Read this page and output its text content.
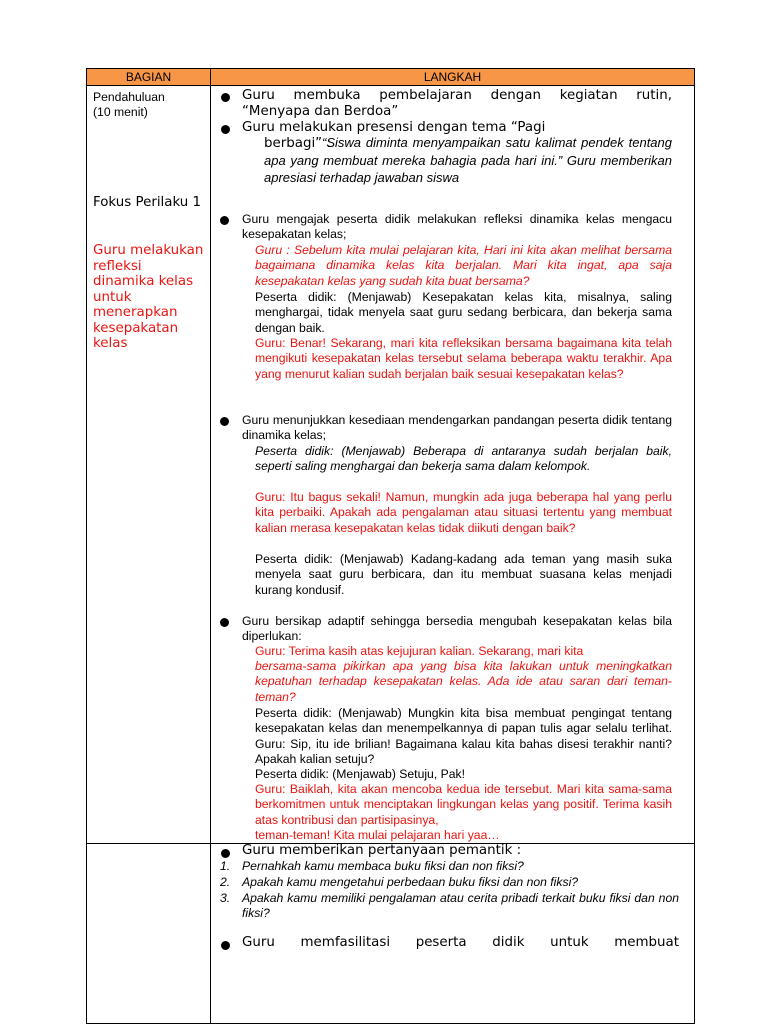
BAGIAN	LANGKAH
Pendahuluan
(10 menit)
Fokus Perilaku 1
Guru melakukan refleksi dinamika kelas untuk menerapkan kesepakatan kelas
Guru membuka pembelajaran dengan kegiatan rutin, “Menyapa dan Berdoa”
Guru melakukan presensi dengan tema “Pagi
berbagi” :
“Siswa diminta menyampaikan satu kalimat pendek tentang apa yang membuat mereka bahagia pada hari ini.” Guru memberikan apresiasi terhadap jawaban siswa
Guru mengajak peserta didik melakukan refleksi dinamika kelas mengacu kesepakatan kelas;
Guru : Sebelum kita mulai pelajaran kita, Hari ini kita akan melihat bersama bagaimana dinamika kelas kita berjalan. Mari kita ingat, apa saja kesepakatan kelas yang sudah kita buat bersama?
Peserta didik: (Menjawab) Kesepakatan kelas kita, misalnya, saling menghargai, tidak menyela saat guru sedang berbicara, dan bekerja sama dengan baik.
Guru: Benar! Sekarang, mari kita refleksikan bersama bagaimana kita telah mengikuti kesepakatan kelas tersebut selama beberapa waktu terakhir. Apa yang menurut kalian sudah berjalan baik sesuai kesepakatan kelas?
Guru menunjukkan kesediaan mendengarkan pandangan peserta didik tentang dinamika kelas;
Peserta didik: (Menjawab) Beberapa di antaranya sudah berjalan baik, seperti saling menghargai dan bekerja sama dalam kelompok.
Guru: Itu bagus sekali! Namun, mungkin ada juga beberapa hal yang perlu kita perbaiki. Apakah ada pengalaman atau situasi tertentu yang membuat kalian merasa kesepakatan kelas tidak diikuti dengan baik?
Peserta didik: (Menjawab) Kadang-kadang ada teman yang masih suka menyela saat guru berbicara, dan itu membuat suasana kelas menjadi kurang kondusif.
Guru bersikap adaptif sehingga bersedia mengubah kesepakatan kelas bila diperlukan:
Guru: Terima kasih atas kejujuran kalian. Sekarang, mari kita
bersama-sama pikirkan apa yang bisa kita lakukan untuk meningkatkan kepatuhan terhadap kesepakatan kelas. Ada ide atau saran dari teman-teman?
Peserta didik: (Menjawab) Mungkin kita bisa membuat pengingat tentang kesepakatan kelas dan menempelkannya di papan tulis agar selalu terlihat. Guru: Sip, itu ide brilian! Bagaimana kalau kita bahas disesi terakhir nanti? Apakah kalian setuju?
Peserta didik: (Menjawab) Setuju, Pak!
Guru: Baiklah, kita akan mencoba kedua ide tersebut. Mari kita sama-sama berkomitmen untuk menciptakan lingkungan kelas yang positif. Terima kasih atas kontribusi dan partisipasinya,
teman-teman! Kita mulai pelajaran hari yaa…
Guru memberikan pertanyaan pemantik :
1. Pernahkah kamu membaca buku fiksi dan non fiksi?
2. Apakah kamu mengetahui perbedaan buku fiksi dan non fiksi?
3. Apakah kamu memiliki pengalaman atau cerita pribadi terkait buku fiksi dan non fiksi?
Guru memfasilitasi peserta didik untuk membuat
